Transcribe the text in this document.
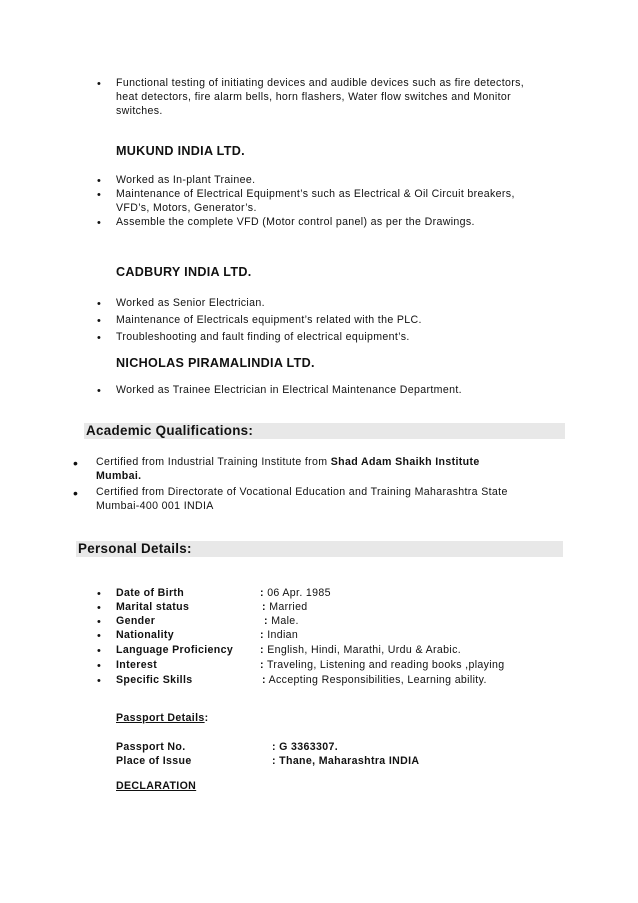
• Functional testing of initiating devices and audible devices such as fire detectors,
heat detectors, fire alarm bells, horn flashers, Water flow switches and Monitor
switches.
MUKUND INDIA LTD.
• Worked as In-plant Trainee.
• Maintenance of Electrical Equipment’s such as Electrical & Oil Circuit breakers,
VFD’s, Motors, Generator’s.
• Assemble the complete VFD (Motor control panel) as per the Drawings.
CADBURY INDIA LTD.
• Worked as Senior Electrician.
• Maintenance of Electricals equipment’s related with the PLC.
• Troubleshooting and fault finding of electrical equipment’s.
NICHOLAS PIRAMALINDIA LTD.
• Worked as Trainee Electrician in Electrical Maintenance Department.
Academic Qualifications:
• Certified from Industrial Training Institute from Shad Adam Shaikh Institute
Mumbai.
• Certified from Directorate of Vocational Education and Training Maharashtra State
Mumbai-400 001 INDIA
Personal Details:
• Date of Birth	: 06 Apr. 1985
• Marital status	: Married
• Gender	: Male.
• Nationality	: Indian
• Language Proficiency	: English, Hindi, Marathi, Urdu & Arabic.
• Interest	: Traveling, Listening and reading books ,playing
• Specific Skills	: Accepting Responsibilities, Learning ability.
Passport Details:
Passport No.	: G 3363307.
Place of Issue	: Thane, Maharashtra INDIA
DECLARATION
